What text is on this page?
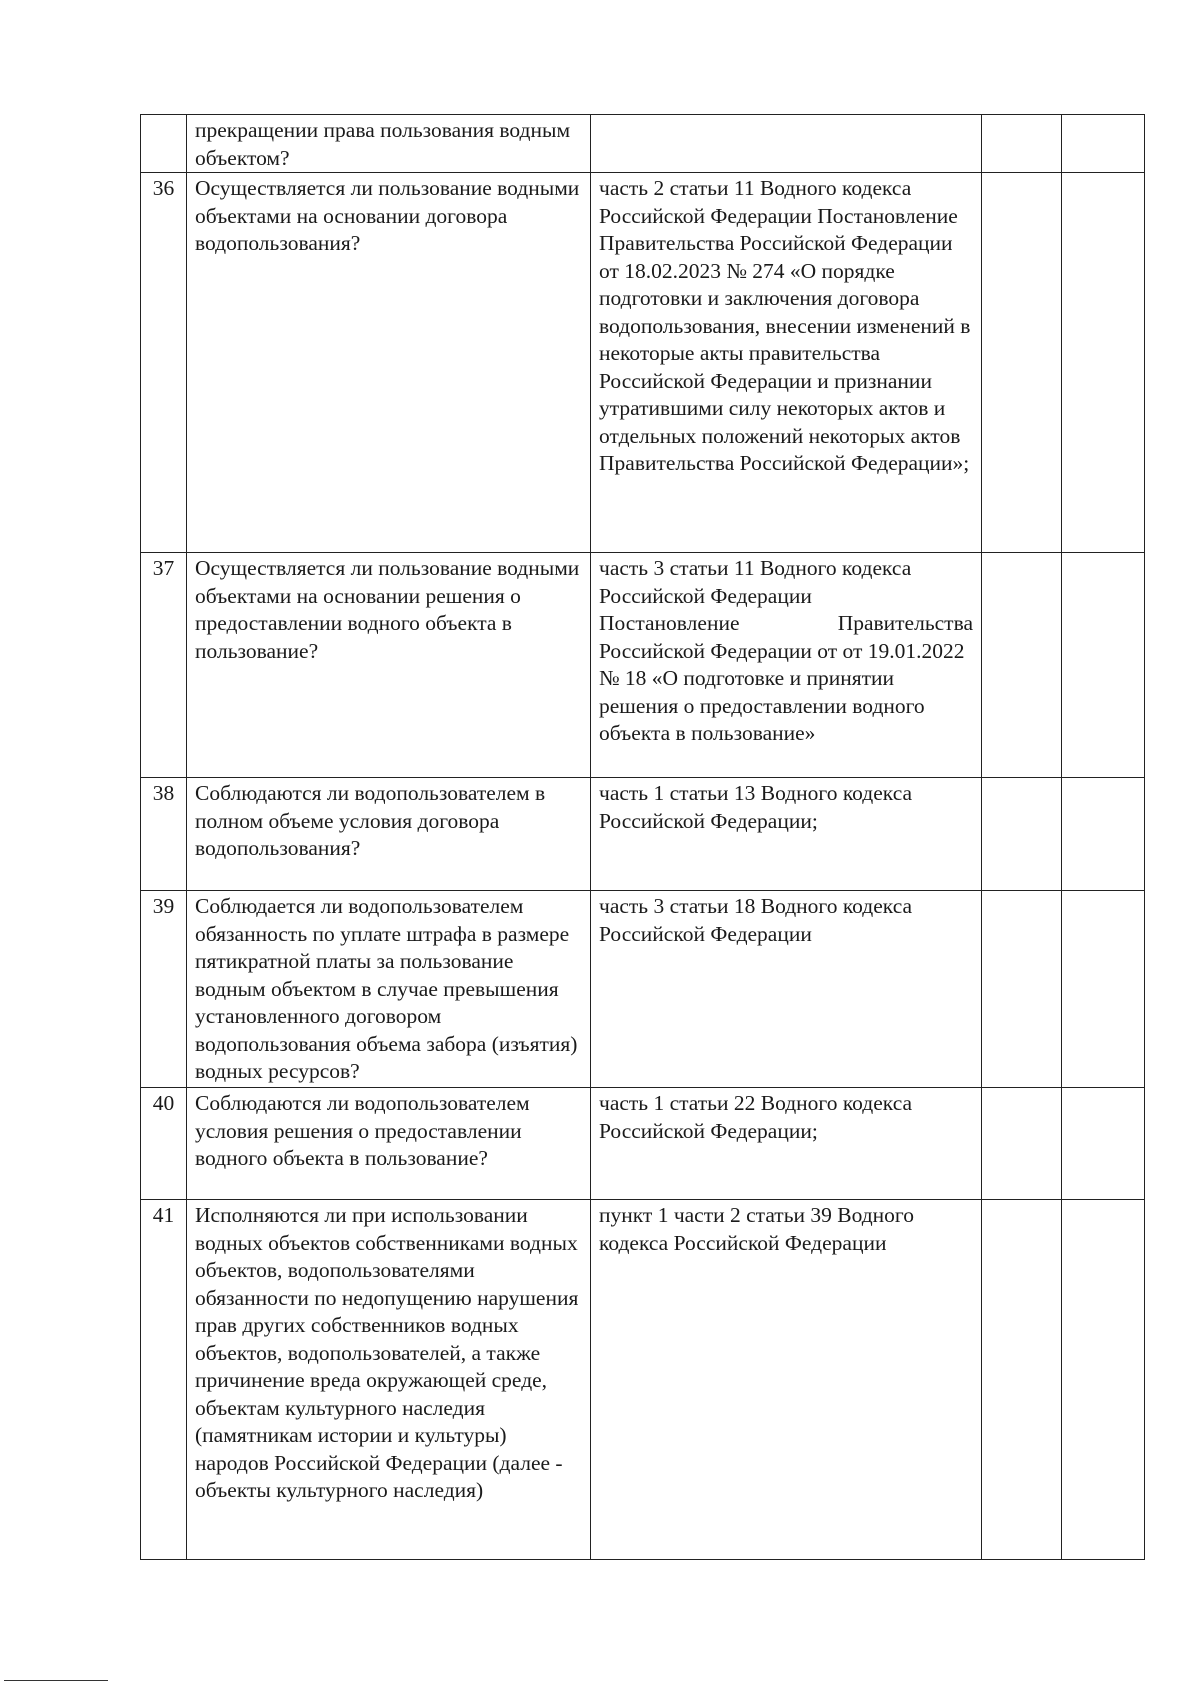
	прекращении права пользования водным объектом?			
36	Осуществляется ли пользование водными объектами на основании договора водопользования?	часть 2 статьи 11 Водного кодекса Российской Федерации Постановление Правительства Российской Федерации от 18.02.2023 № 274 «О порядке подготовки и заключения договора водопользования, внесении изменений в некоторые акты правительства Российской Федерации и признании утратившими силу некоторых актов и отдельных положений некоторых актов Правительства Российской Федерации»;		
37	Осуществляется ли пользование водными объектами на основании решения о предоставлении водного объекта в пользование?	часть 3 статьи 11 Водного кодекса Российской Федерации
Постановление Правительства
Российской Федерации от от 19.01.2022 № 18 «О подготовке и принятии решения о предоставлении водного объекта в пользование»		

38	Соблюдаются ли водопользователем в полном объеме условия договора водопользования?	часть 1 статьи 13 Водного кодекса Российской Федерации;		
39	Соблюдается ли водопользователем обязанность по уплате штрафа в размере пятикратной платы за пользование водным объектом в случае превышения установленного договором водопользования объема забора (изъятия) водных ресурсов?	часть 3 статьи 18 Водного кодекса Российской Федерации		
40	Соблюдаются ли водопользователем условия решения о предоставлении водного объекта в пользование?	часть 1 статьи 22 Водного кодекса Российской Федерации;		
41	Исполняются ли при использовании водных объектов собственниками водных объектов, водопользователями обязанности по недопущению нарушения прав других собственников водных объектов, водопользователей, а также причинение вреда окружающей среде, объектам культурного наследия (памятникам истории и культуры) народов Российской Федерации (далее - объекты культурного наследия)	пункт 1 части 2 статьи 39 Водного кодекса Российской Федерации		
